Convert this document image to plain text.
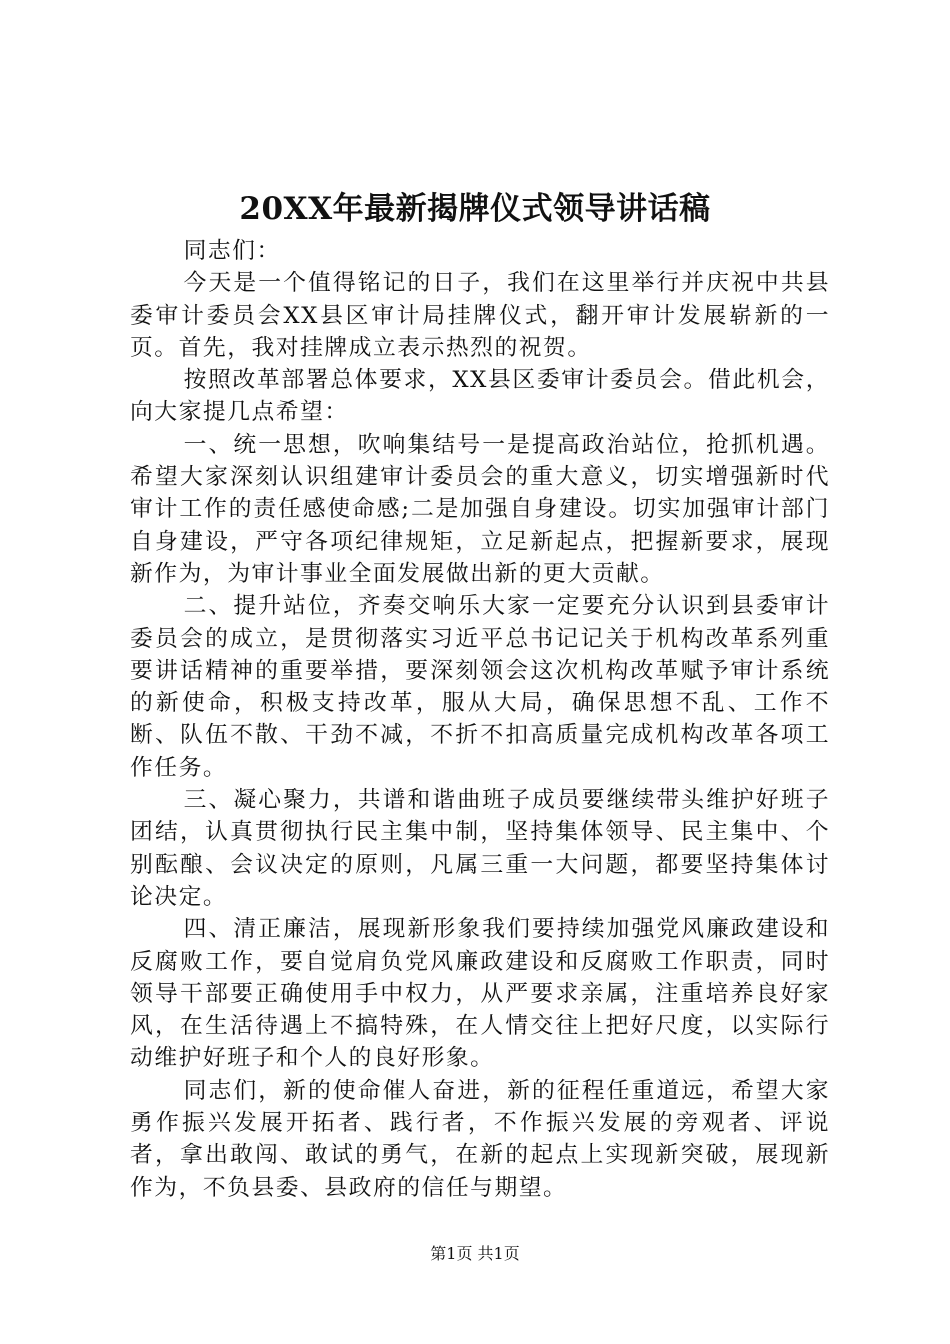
20XX年最新揭牌仪式领导讲话稿

同志们：

今天是一个值得铭记的日子，我们在这里举行并庆祝中共县委审计委员会XX县区审计局挂牌仪式，翻开审计发展崭新的一页。首先，我对挂牌成立表示热烈的祝贺。

按照改革部署总体要求，XX县区委审计委员会。借此机会，向大家提几点希望：

一、统一思想，吹响集结号一是提高政治站位，抢抓机遇。希望大家深刻认识组建审计委员会的重大意义，切实增强新时代审计工作的责任感使命感;二是加强自身建设。切实加强审计部门自身建设，严守各项纪律规矩，立足新起点，把握新要求，展现新作为，为审计事业全面发展做出新的更大贡献。

二、提升站位，齐奏交响乐大家一定要充分认识到县委审计委员会的成立，是贯彻落实习近平总书记记关于机构改革系列重要讲话精神的重要举措，要深刻领会这次机构改革赋予审计系统的新使命，积极支持改革，服从大局，确保思想不乱、工作不断、队伍不散、干劲不减，不折不扣高质量完成机构改革各项工作任务。

三、凝心聚力，共谱和谐曲班子成员要继续带头维护好班子团结，认真贯彻执行民主集中制，坚持集体领导、民主集中、个别酝酿、会议决定的原则，凡属三重一大问题，都要坚持集体讨论决定。

四、清正廉洁，展现新形象我们要持续加强党风廉政建设和反腐败工作，要自觉肩负党风廉政建设和反腐败工作职责，同时领导干部要正确使用手中权力，从严要求亲属，注重培养良好家风，在生活待遇上不搞特殊，在人情交往上把好尺度，以实际行动维护好班子和个人的良好形象。

同志们，新的使命催人奋进，新的征程任重道远，希望大家勇作振兴发展开拓者、践行者，不作振兴发展的旁观者、评说者，拿出敢闯、敢试的勇气，在新的起点上实现新突破，展现新作为，不负县委、县政府的信任与期望。

第1页 共1页
